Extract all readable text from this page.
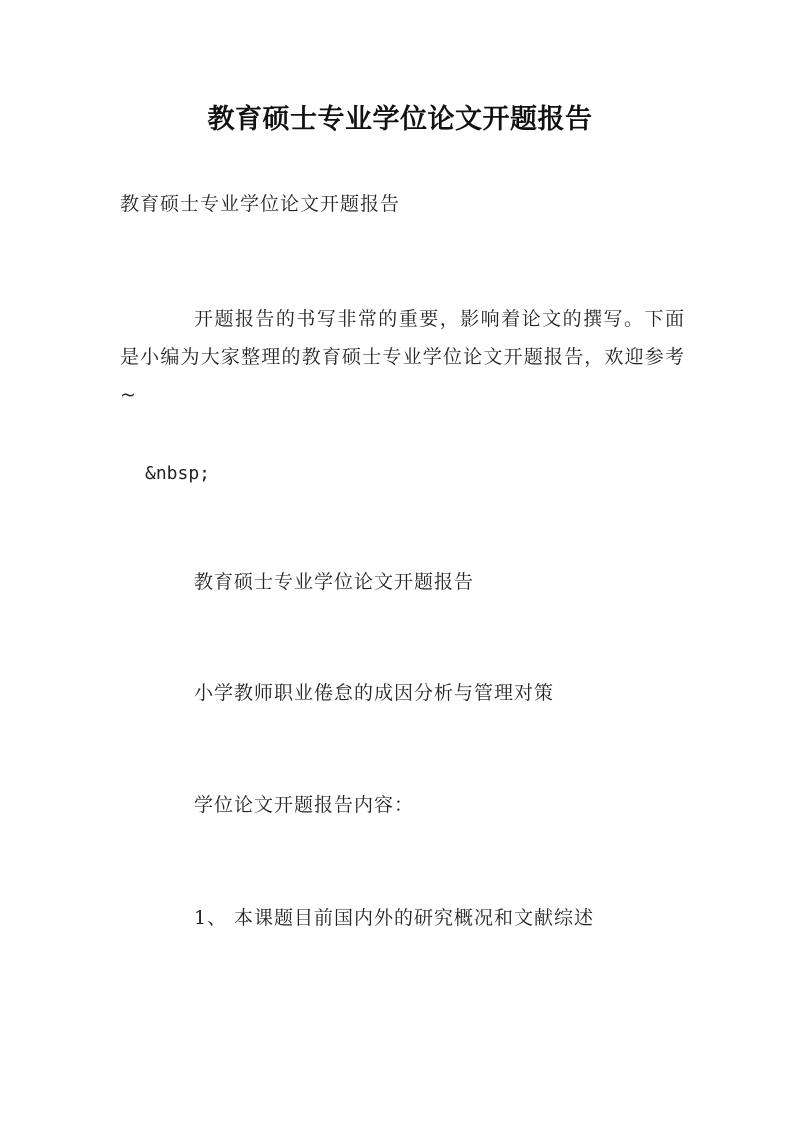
教育硕士专业学位论文开题报告
教育硕士专业学位论文开题报告
开题报告的书写非常的重要，影响着论文的撰写。下面是小编为大家整理的教育硕士专业学位论文开题报告，欢迎参考~
&nbsp;
教育硕士专业学位论文开题报告
小学教师职业倦怠的成因分析与管理对策
学位论文开题报告内容：
1、 本课题目前国内外的研究概况和文献综述
